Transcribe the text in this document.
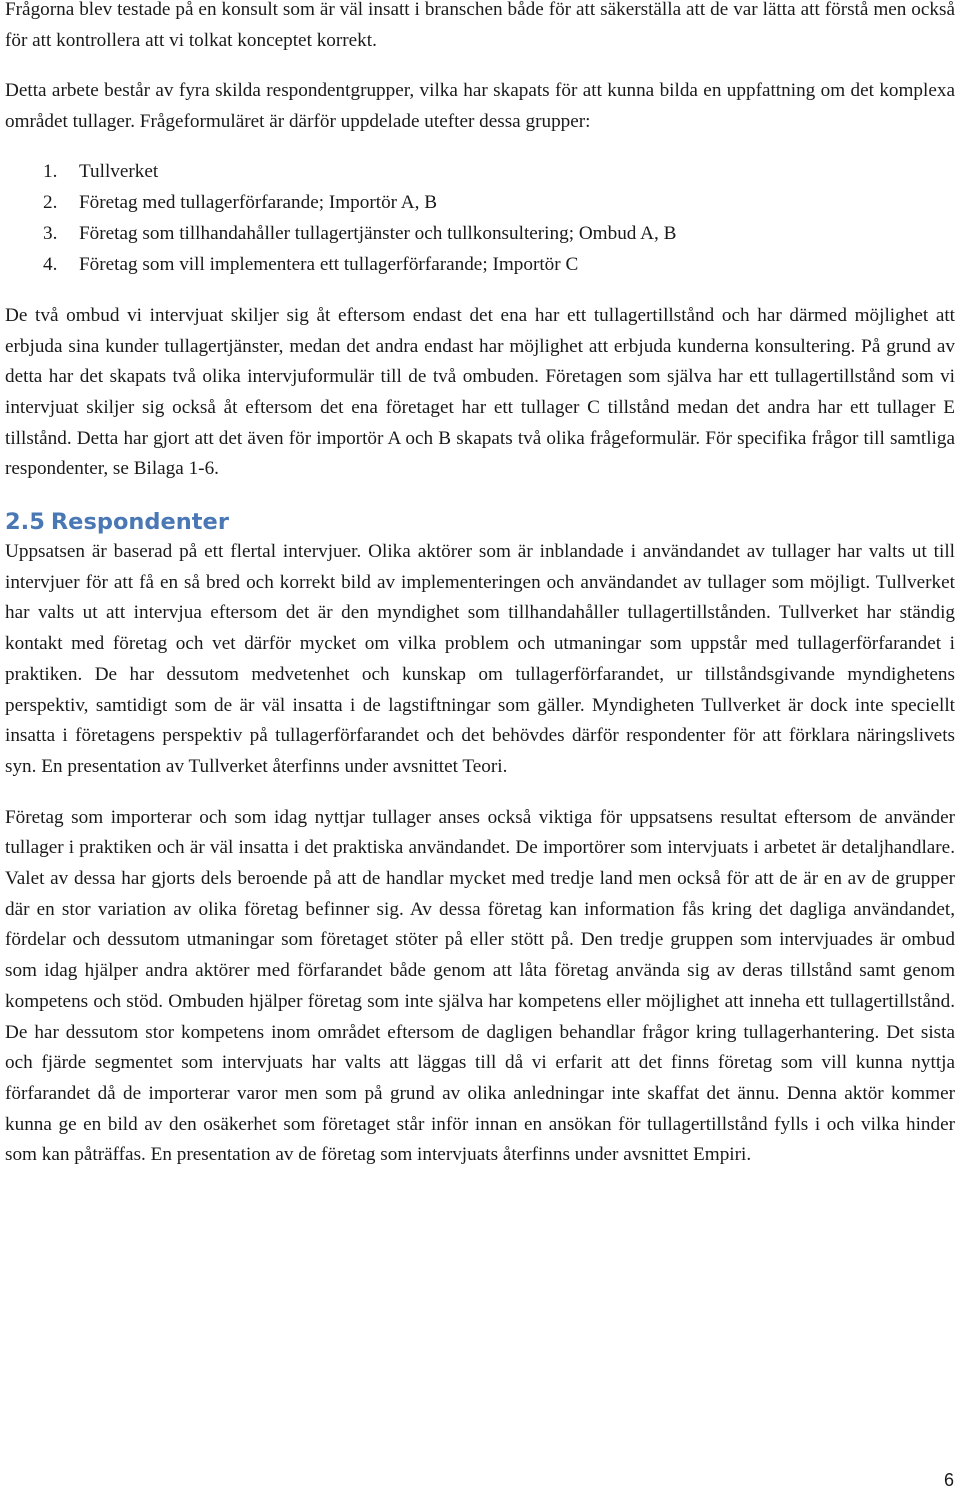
Frågorna blev testade på en konsult som är väl insatt i branschen både för att säkerställa att de var lätta att förstå men också för att kontrollera att vi tolkat konceptet korrekt.

Detta arbete består av fyra skilda respondentgrupper, vilka har skapats för att kunna bilda en uppfattning om det komplexa området tullager. Frågeformuläret är därför uppdelade utefter dessa grupper:

1.	Tullverket
2.	Företag med tullagerförfarande; Importör A, B
3.	Företag som tillhandahåller tullagertjänster och tullkonsultering; Ombud A, B
4.	Företag som vill implementera ett tullagerförfarande; Importör C

De två ombud vi intervjuat skiljer sig åt eftersom endast det ena har ett tullagertillstånd och har därmed möjlighet att erbjuda sina kunder tullagertjänster, medan det andra endast har möjlighet att erbjuda kunderna konsultering. På grund av detta har det skapats två olika intervjuformulär till de två ombuden. Företagen som själva har ett tullagertillstånd som vi intervjuat skiljer sig också åt eftersom det ena företaget har ett tullager C tillstånd medan det andra har ett tullager E tillstånd. Detta har gjort att det även för importör A och B skapats två olika frågeformulär. För specifika frågor till samtliga respondenter, se Bilaga 1-6.

2.5 Respondenter

Uppsatsen är baserad på ett flertal intervjuer. Olika aktörer som är inblandade i användandet av tullager har valts ut till intervjuer för att få en så bred och korrekt bild av implementeringen och användandet av tullager som möjligt. Tullverket har valts ut att intervjua eftersom det är den myndighet som tillhandahåller tullagertillstånden. Tullverket har ständig kontakt med företag och vet därför mycket om vilka problem och utmaningar som uppstår med tullagerförfarandet i praktiken. De har dessutom medvetenhet och kunskap om tullagerförfarandet, ur tillståndsgivande myndighetens perspektiv, samtidigt som de är väl insatta i de lagstiftningar som gäller. Myndigheten Tullverket är dock inte speciellt insatta i företagens perspektiv på tullagerförfarandet och det behövdes därför respondenter för att förklara näringslivets syn. En presentation av Tullverket återfinns under avsnittet Teori.

Företag som importerar och som idag nyttjar tullager anses också viktiga för uppsatsens resultat eftersom de använder tullager i praktiken och är väl insatta i det praktiska användandet. De importörer som intervjuats i arbetet är detaljhandlare. Valet av dessa har gjorts dels beroende på att de handlar mycket med tredje land men också för att de är en av de grupper där en stor variation av olika företag befinner sig. Av dessa företag kan information fås kring det dagliga användandet, fördelar och dessutom utmaningar som företaget stöter på eller stött på. Den tredje gruppen som intervjuades är ombud som idag hjälper andra aktörer med förfarandet både genom att låta företag använda sig av deras tillstånd samt genom kompetens och stöd. Ombuden hjälper företag som inte själva har kompetens eller möjlighet att inneha ett tullagertillstånd. De har dessutom stor kompetens inom området eftersom de dagligen behandlar frågor kring tullagerhantering. Det sista och fjärde segmentet som intervjuats har valts att läggas till då vi erfarit att det finns företag som vill kunna nyttja förfarandet då de importerar varor men som på grund av olika anledningar inte skaffat det ännu. Denna aktör kommer kunna ge en bild av den osäkerhet som företaget står inför innan en ansökan för tullagertillstånd fylls i och vilka hinder som kan påträffas. En presentation av de företag som intervjuats återfinns under avsnittet Empiri.

6
